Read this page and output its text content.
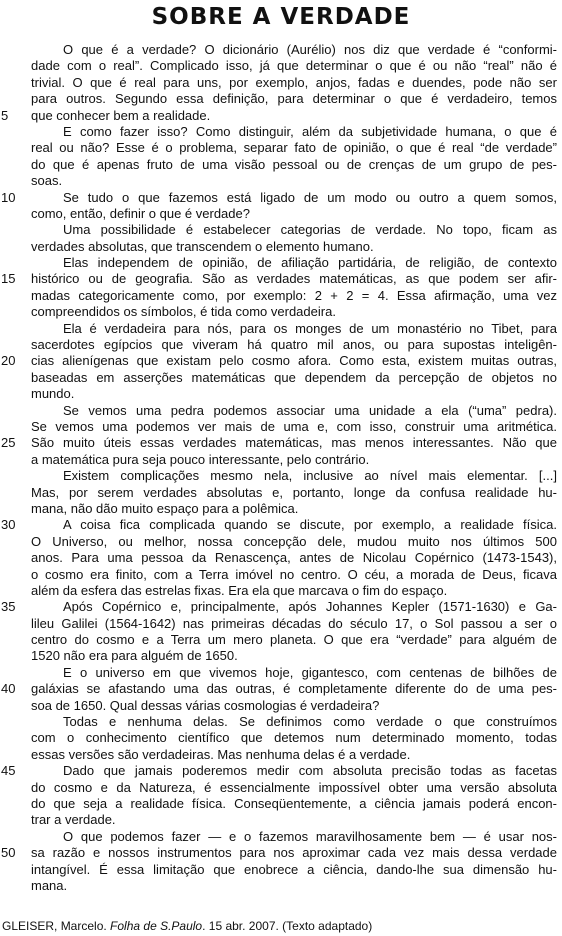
SOBRE A VERDADE
O que é a verdade? O dicionário (Aurélio) nos diz que verdade é “conformi-
dade com o real”. Complicado isso, já que determinar o que é ou não “real” não é
trivial. O que é real para uns, por exemplo, anjos, fadas e duendes, pode não ser
para outros. Segundo essa definição, para determinar o que é verdadeiro, temos
5	que conhecer bem a realidade.
E como fazer isso? Como distinguir, além da subjetividade humana, o que é
real ou não? Esse é o problema, separar fato de opinião, o que é real “de verdade”
do que é apenas fruto de uma visão pessoal ou de crenças de um grupo de pes-
soas.
10	Se tudo o que fazemos está ligado de um modo ou outro a quem somos,
como, então, definir o que é verdade?
Uma possibilidade é estabelecer categorias de verdade. No topo, ficam as
verdades absolutas, que transcendem o elemento humano.
Elas independem de opinião, de afiliação partidária, de religião, de contexto
15	histórico ou de geografia. São as verdades matemáticas, as que podem ser afir-
madas categoricamente como, por exemplo: 2 + 2 = 4. Essa afirmação, uma vez
compreendidos os símbolos, é tida como verdadeira.
Ela é verdadeira para nós, para os monges de um monastério no Tibet, para
sacerdotes egípcios que viveram há quatro mil anos, ou para supostas inteligên-
20	cias alienígenas que existam pelo cosmo afora. Como esta, existem muitas outras,
baseadas em asserções matemáticas que dependem da percepção de objetos no
mundo.
Se vemos uma pedra podemos associar uma unidade a ela (“uma” pedra).
Se vemos uma podemos ver mais de uma e, com isso, construir uma aritmética.
25	São muito úteis essas verdades matemáticas, mas menos interessantes. Não que
a matemática pura seja pouco interessante, pelo contrário.
Existem complicações mesmo nela, inclusive ao nível mais elementar. [...]
Mas, por serem verdades absolutas e, portanto, longe da confusa realidade hu-
mana, não dão muito espaço para a polêmica.
30	A coisa fica complicada quando se discute, por exemplo, a realidade física.
O Universo, ou melhor, nossa concepção dele, mudou muito nos últimos 500
anos. Para uma pessoa da Renascença, antes de Nicolau Copérnico (1473-1543),
o cosmo era finito, com a Terra imóvel no centro. O céu, a morada de Deus, ficava
além da esfera das estrelas fixas. Era ela que marcava o fim do espaço.
35	Após Copérnico e, principalmente, após Johannes Kepler (1571-1630) e Ga-
lileu Galilei (1564-1642) nas primeiras décadas do século 17, o Sol passou a ser o
centro do cosmo e a Terra um mero planeta. O que era “verdade” para alguém de
1520 não era para alguém de 1650.
E o universo em que vivemos hoje, gigantesco, com centenas de bilhões de
40	galáxias se afastando uma das outras, é completamente diferente do de uma pes-
soa de 1650. Qual dessas várias cosmologias é verdadeira?
Todas e nenhuma delas. Se definimos como verdade o que construímos
com o conhecimento científico que detemos num determinado momento, todas
essas versões são verdadeiras. Mas nenhuma delas é a verdade.
45	Dado que jamais poderemos medir com absoluta precisão todas as facetas
do cosmo e da Natureza, é essencialmente impossível obter uma versão absoluta
do que seja a realidade física. Conseqüentemente, a ciência jamais poderá encon-
trar a verdade.
O que podemos fazer — e o fazemos maravilhosamente bem — é usar nos-
50	sa razão e nossos instrumentos para nos aproximar cada vez mais dessa verdade
intangível. É essa limitação que enobrece a ciência, dando-lhe sua dimensão hu-
mana.
GLEISER, Marcelo. Folha de S.Paulo. 15 abr. 2007. (Texto adaptado)
